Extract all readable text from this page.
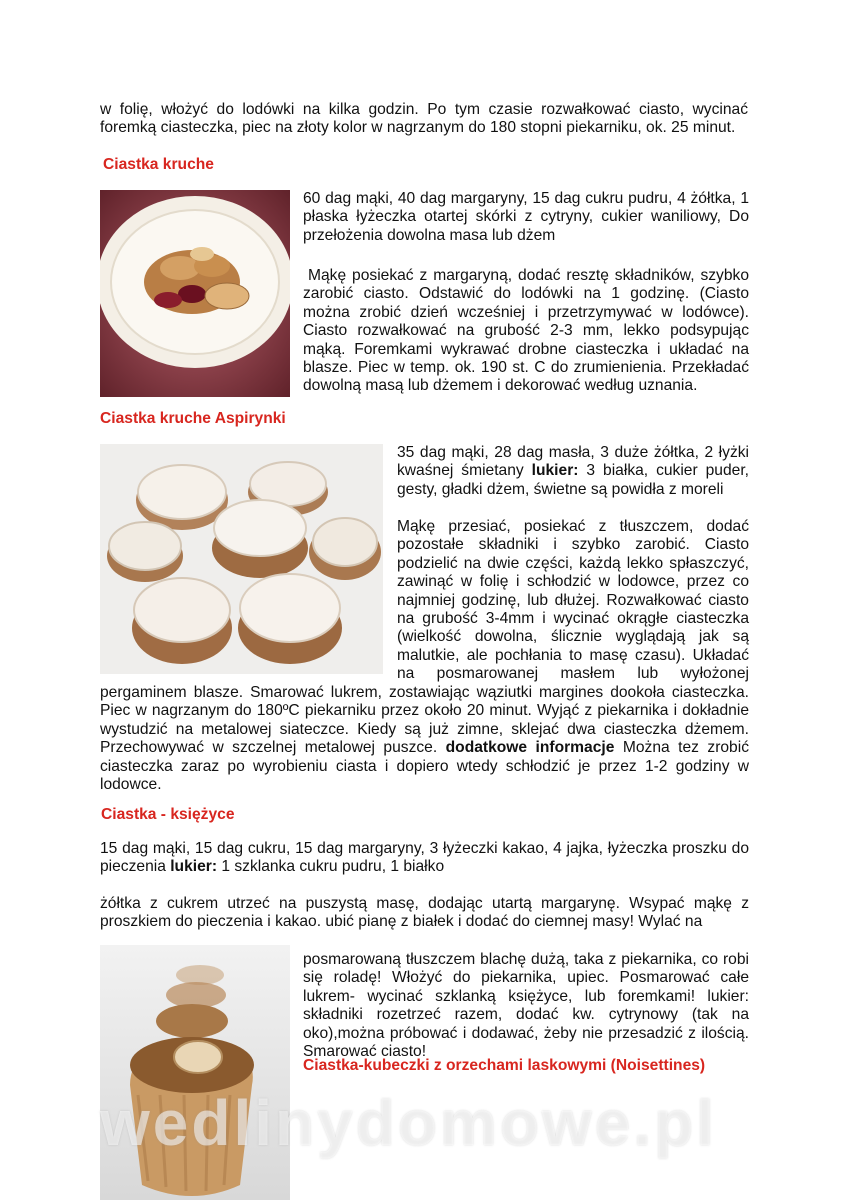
w folię, włożyć do lodówki na kilka godzin. Po tym czasie rozwałkować ciasto, wycinać foremką ciasteczka, piec na złoty kolor w nagrzanym do 180 stopni piekarniku, ok. 25 minut.
Ciastka kruche
60 dag mąki, 40 dag margaryny, 15 dag cukru pudru, 4 żółtka, 1 płaska łyżeczka otartej skórki z cytryny, cukier waniliowy, Do przełożenia dowolna masa lub dżem
Mąkę posiekać z margaryną, dodać resztę składników, szybko zarobić ciasto. Odstawić do lodówki na 1 godzinę. (Ciasto można zrobić dzień wcześniej i przetrzymywać w lodówce). Ciasto rozwałkować na grubość 2-3 mm, lekko podsypując mąką. Foremkami wykrawać drobne ciasteczka i układać na blasze. Piec w temp. ok. 190 st. C do zrumienienia. Przekładać dowolną masą lub dżemem i dekorować według uznania.
Ciastka kruche Aspirynki
35 dag mąki, 28 dag masła, 3 duże żółtka, 2 łyżki kwaśnej śmietany lukier: 3 białka, cukier puder, gesty, gładki dżem, świetne są powidła z moreli
Mąkę przesiać, posiekać z tłuszczem, dodać pozostałe składniki i szybko zarobić. Ciasto podzielić na dwie części, każdą lekko spłaszczyć, zawinąć w folię i schłodzić w lodowce, przez co najmniej godzinę, lub dłużej. Rozwałkować ciasto na grubość 3-4mm i wycinać okrągłe ciasteczka (wielkość dowolna, ślicznie wyglądają jak są malutkie, ale pochłania to masę czasu). Układać na posmarowanej masłem lub wyłożonej
pergaminem blasze. Smarować lukrem, zostawiając wąziutki margines dookoła ciasteczka. Piec w nagrzanym do 180ºC piekarniku przez około 20 minut. Wyjąć z piekarnika i dokładnie wystudzić na metalowej siateczce. Kiedy są już zimne, sklejać dwa ciasteczka dżemem. Przechowywać w szczelnej metalowej puszce. dodatkowe informacje Można tez zrobić ciasteczka zaraz po wyrobieniu ciasta i dopiero wtedy schłodzić je przez 1-2 godziny w lodowce.
Ciastka - księżyce
15 dag mąki, 15 dag cukru, 15 dag margaryny, 3 łyżeczki kakao, 4 jajka, łyżeczka proszku do pieczenia lukier: 1 szklanka cukru pudru, 1 białko
żółtka z cukrem utrzeć na puszystą masę, dodając utartą margarynę. Wsypać mąkę z proszkiem do pieczenia i kakao. ubić pianę z białek i dodać do ciemnej masy! Wylać na
posmarowaną tłuszczem blachę dużą, taka z piekarnika, co robi się roladę! Włożyć do piekarnika, upiec. Posmarować całe lukrem- wycinać szklanką księżyce, lub foremkami! lukier: składniki rozetrzeć razem, dodać kw. cytrynowy (tak na oko),można próbować i dodawać, żeby nie przesadzić z ilością. Smarować ciasto!
Ciastka-kubeczki z orzechami laskowymi (Noisettines)
wedlinydomowe.pl
